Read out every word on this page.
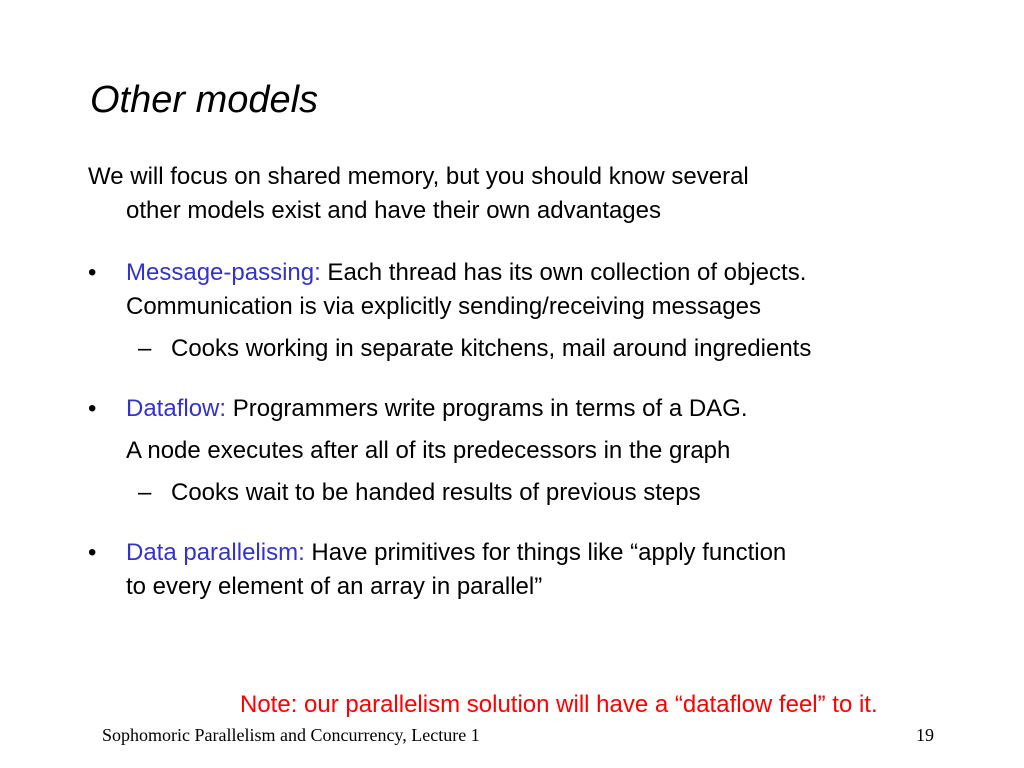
Other models
We will focus on shared memory, but you should know several
other models exist and have their own advantages
•	Message-passing: Each thread has its own collection of objects.
Communication is via explicitly sending/receiving messages
– Cooks working in separate kitchens, mail around ingredients
•	Dataflow: Programmers write programs in terms of a DAG.
A node executes after all of its predecessors in the graph
– Cooks wait to be handed results of previous steps
•	Data parallelism: Have primitives for things like “apply function
to every element of an array in parallel”
Note: our parallelism solution will have a “dataflow feel” to it.
Sophomoric Parallelism and Concurrency, Lecture 1	19
